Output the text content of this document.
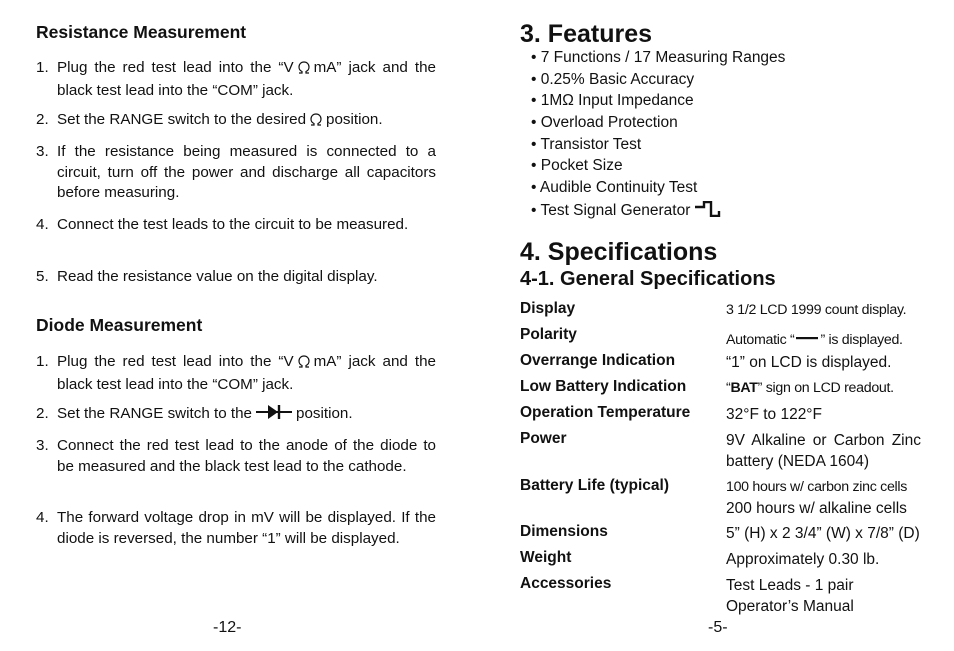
Resistance Measurement
1. Plug the red test lead into the “V mA” jack and the black test lead into the “COM” jack.
2. Set the RANGE switch to the desired position.
3. If the resistance being measured is connected to a circuit, turn off the power and discharge all capacitors before measuring.
4. Connect the test leads to the circuit to be measured.
5. Read the resistance value on the digital display.
Diode Measurement
1. Plug the red test lead into the “V mA” jack and the black test lead into the “COM” jack.
2. Set the RANGE switch to the	position.
3. Connect the red test lead to the anode of the diode to be measured and the black test lead to the cathode.
4. The forward voltage drop in mV will be displayed. If the diode is reversed, the number “1” will be displayed.
-12-
3. Features
• 7 Functions / 17 Measuring Ranges
• 0.25% Basic Accuracy
• 1MΩ Input Impedance
• Overload Protection
• Transistor Test
• Pocket Size
• Audible Continuity Test
• Test Signal Generator
4. Specifications
4-1. General Specifications
Display	3 1/2 LCD 1999 count display.
Polarity	Automatic “ ” is displayed.
Overrange Indication	“1” on LCD is displayed.
Low Battery Indication	“BAT” sign on LCD readout.
Operation Temperature 32°F to 122°F
Power	9V Alkaline or Carbon Zinc battery (NEDA 1604)
Battery Life (typical)	100 hours w/ carbon zinc cells
200 hours w/ alkaline cells
Dimensions	5” (H) x 2 3/4” (W) x 7/8” (D)
Weight	Approximately 0.30 lb.
Accessories	Test Leads - 1 pair
Operator’s Manual
-5-
